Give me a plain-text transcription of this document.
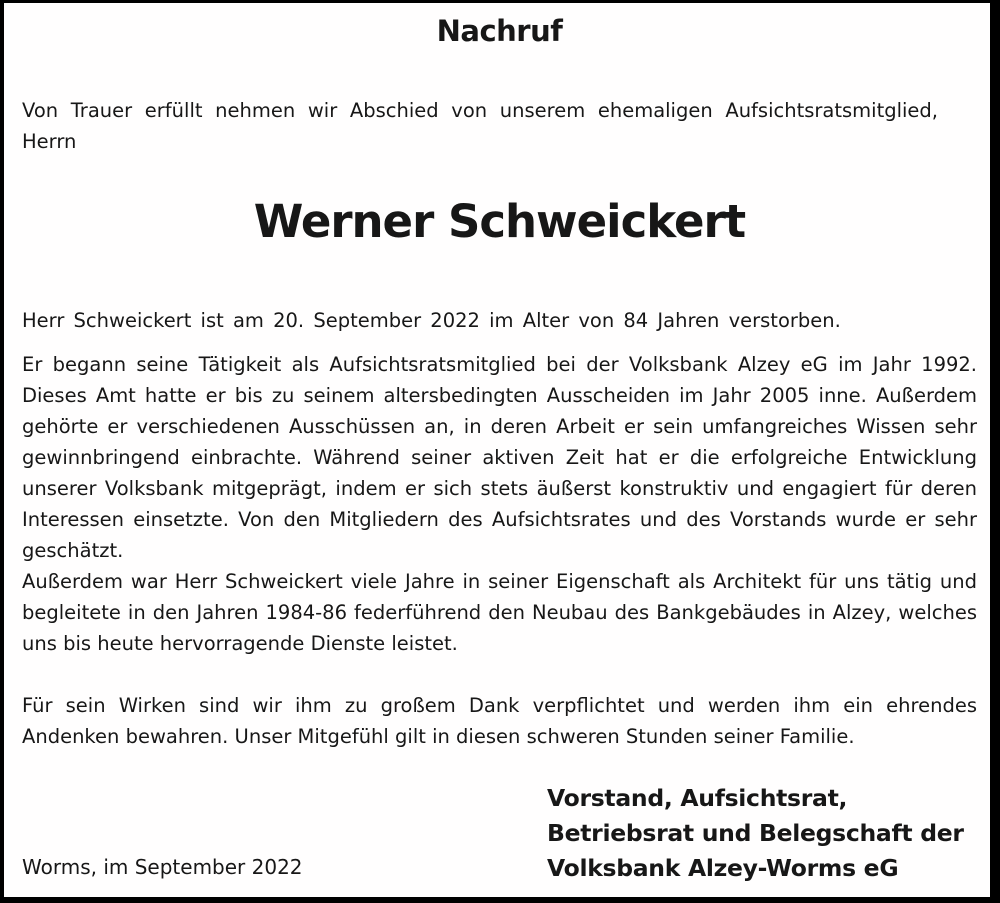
Nachruf

Von Trauer erfüllt nehmen wir Abschied von unserem ehemaligen Aufsichtsratsmitglied,
Herrn

Werner Schweickert

Herr Schweickert ist am 20. September 2022 im Alter von 84 Jahren verstorben.

Er begann seine Tätigkeit als Aufsichtsratsmitglied bei der Volksbank Alzey eG im Jahr 1992. Dieses Amt hatte er bis zu seinem altersbedingten Ausscheiden im Jahr 2005 inne. Außerdem gehörte er verschiedenen Ausschüssen an, in deren Arbeit er sein umfangreiches Wissen sehr gewinnbringend einbrachte. Während seiner aktiven Zeit hat er die erfolgreiche Entwicklung unserer Volksbank mitgeprägt, indem er sich stets äußerst konstruktiv und engagiert für deren Interessen einsetzte. Von den Mitgliedern des Aufsichtsrates und des Vorstands wurde er sehr geschätzt.

Außerdem war Herr Schweickert viele Jahre in seiner Eigenschaft als Architekt für uns tätig und begleitete in den Jahren 1984-86 federführend den Neubau des Bankgebäudes in Alzey, welches uns bis heute hervorragende Dienste leistet.

Für sein Wirken sind wir ihm zu großem Dank verpflichtet und werden ihm ein ehrendes Andenken bewahren. Unser Mitgefühl gilt in diesen schweren Stunden seiner Familie.

Worms, im September 2022
Vorstand, Aufsichtsrat,
Betriebsrat und Belegschaft der
Volksbank Alzey-Worms eG
